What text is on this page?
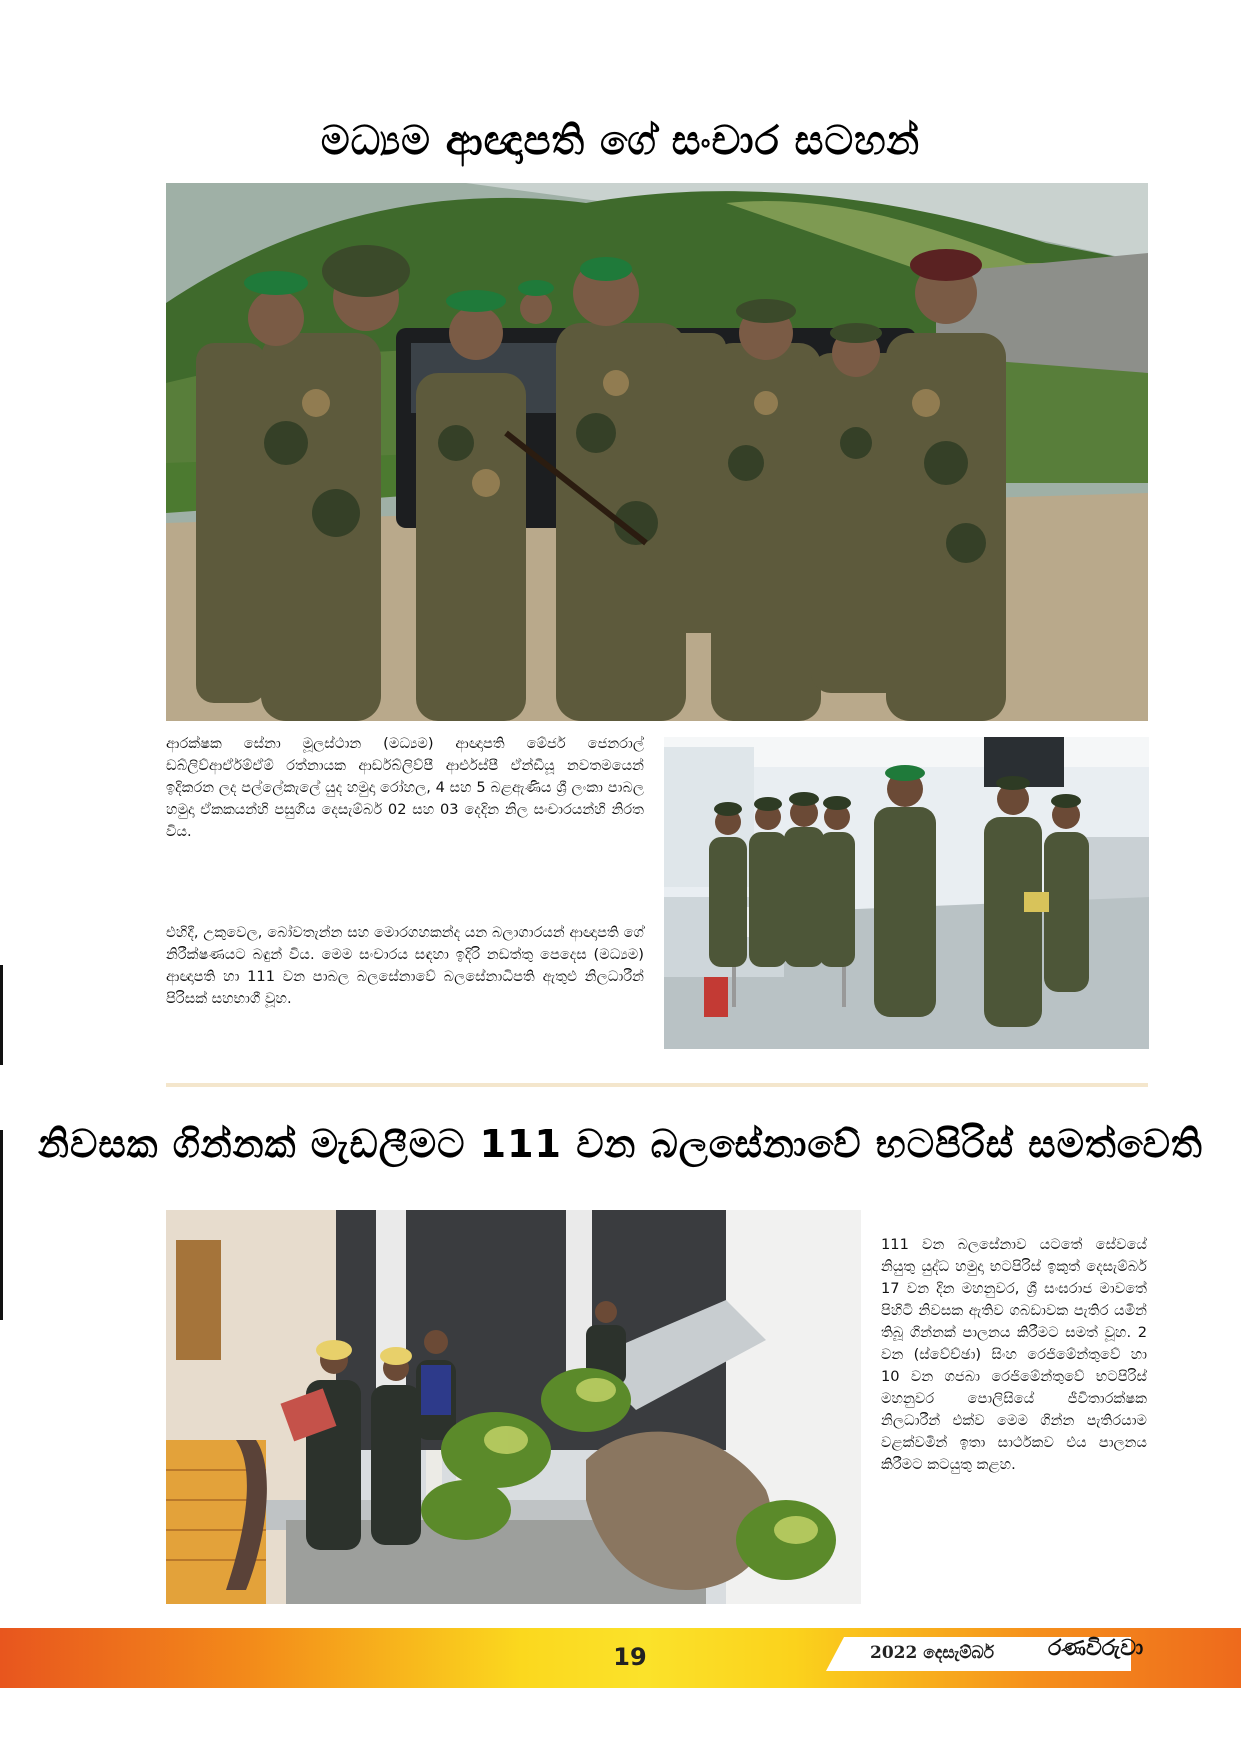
මධ්‍යම ආඥාපති ගේ සංචාර සටහන්
ආරක්ෂක සේනා මූලස්ථාන (මධ්‍යම) ආඥාපති මේජර් ජෙනරාල් ඩබ්ලිව්ආර්ඒම්ඒම් රත්නායක ආර්ඩබ්ලිව්පී ආර්එස්පී ඒන්ඩීයූ නවතමයෙන් ඉදිකරන ලද පල්ලේකැලේ යුද හමුදා රෝහල, 4 සහ 5 බළඇණිය ශ්‍රී ලංකා පාබල හමුදා ඒකකයන්හි පසුගිය දෙසැම්බර් 02 සහ 03 දෙදින නිල සංචාරයන්හි නිරත විය.
එහිදී, උකුවෙල, බෝවතැන්න සහ මොරගහකන්ද යන බලාගාරයන් ආඥාපති ගේ නිරීක්ෂණයට බඳුන් විය. මෙම සංචාරය සඳහා ඉදිරි නඩත්තු පෙදෙස (මධ්‍යම) ආඥාපති හා 111 වන පාබල බලසේනාවේ බලසේනාධිපති ඇතුළු නිලධාරීන් පිරිසක් සහභාගී වූහ.
නිවසක ගින්නක් මැඩලීමට 111 වන බලසේනාවේ භටපිරිස් සමත්වෙති
111 වන බලසේනාව යටතේ සේවයේ නියුතු යුද්ධ හමුදා භටපිරිස් ඉකුත් දෙසැම්බර් 17 වන දින මහනුවර, ශ්‍රී සංඝරාජ මාවතේ පිහිටි නිවසක ඇතිව ගබඩාවක පැතිර යමින් තිබූ ගින්නක් පාලනය කිරීමට සමත් වූහ. 2 වන (ස්වේච්ඡා) සිංහ රෙජිමේන්තුවේ හා 10 වන ගජබා රෙජිමේන්තුවේ භටපිරිස් මහනුවර පොලිසියේ ජීවිතාරක්ෂක නිලධාරීන් එක්ව මෙම ගින්න පැතිරයාම වළක්වමින් ඉතා සාර්ථකව එය පාලනය කිරීමට කටයුතු කළහ.
19	2022 දෙසැම්බර් රණවිරුවා
